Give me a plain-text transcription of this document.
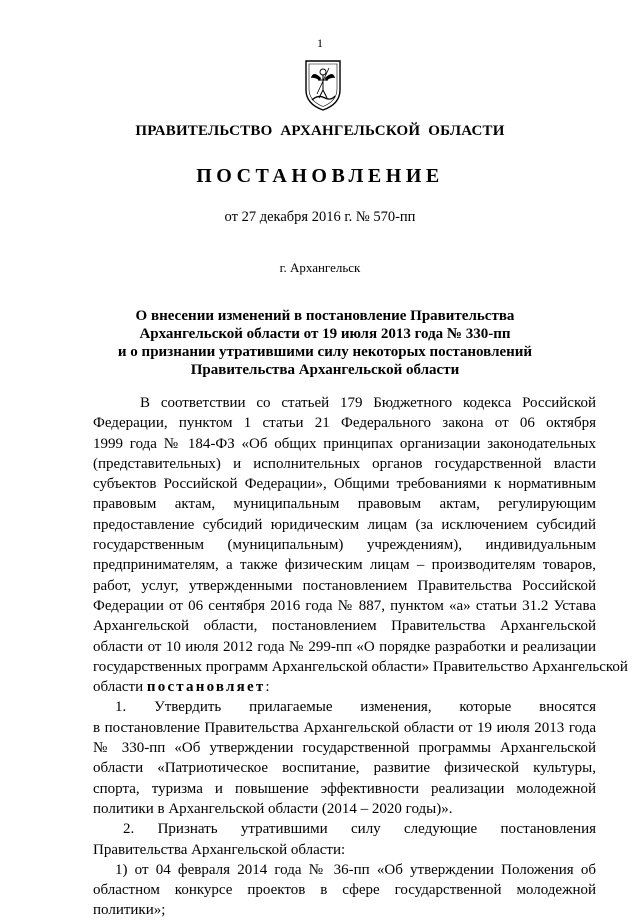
1
ПРАВИТЕЛЬСТВО АРХАНГЕЛЬСКОЙ ОБЛАСТИ
ПОСТАНОВЛЕНИЕ
от 27 декабря 2016 г. № 570-пп
г. Архангельск
О внесении изменений в постановление Правительства
Архангельской области от 19 июля 2013 года № 330-пп
и о признании утратившими силу некоторых постановлений
Правительства Архангельской области
В соответствии со статьей 179 Бюджетного кодекса Российской
Федерации, пунктом 1 статьи 21 Федерального закона от 06 октября
1999 года № 184-ФЗ «Об общих принципах организации законодательных
(представительных) и исполнительных органов государственной власти
субъектов Российской Федерации», Общими требованиями к нормативным
правовым актам, муниципальным правовым актам, регулирующим
предоставление субсидий юридическим лицам (за исключением субсидий
государственным (муниципальным) учреждениям), индивидуальным
предпринимателям, а также физическим лицам – производителям товаров,
работ, услуг, утвержденными постановлением Правительства Российской
Федерации от 06 сентября 2016 года № 887, пунктом «а» статьи 31.2 Устава
Архангельской области, постановлением Правительства Архангельской
области от 10 июля 2012 года № 299-пп «О порядке разработки и реализации
государственных программ Архангельской области» Правительство Архангельской
области постановляет:
1. Утвердить прилагаемые изменения, которые вносятся
в постановление Правительства Архангельской области от 19 июля 2013 года
№ 330-пп «Об утверждении государственной программы Архангельской
области «Патриотическое воспитание, развитие физической культуры,
спорта, туризма и повышение эффективности реализации молодежной
политики в Архангельской области (2014 – 2020 годы)».
2. Признать утратившими силу следующие постановления
Правительства Архангельской области:
1) от 04 февраля 2014 года № 36-пп «Об утверждении Положения об
областном конкурсе проектов в сфере государственной молодежной
политики»;
